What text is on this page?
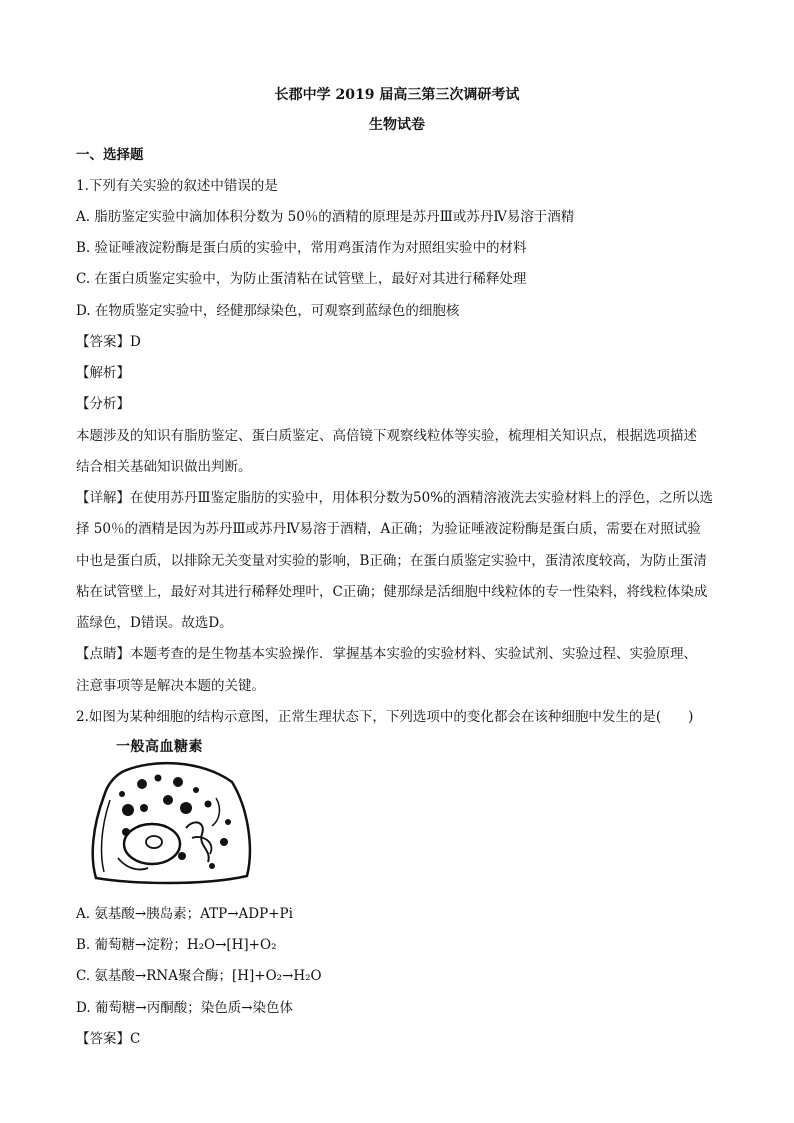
长郡中学 2019 届高三第三次调研考试
生物试卷
一、选择题
1.下列有关实验的叙述中错误的是
A. 脂肪鉴定实验中滴加体积分数为 50％的酒精的原理是苏丹Ⅲ或苏丹Ⅳ易溶于酒精
B. 验证唾液淀粉酶是蛋白质的实验中，常用鸡蛋清作为对照组实验中的材料
C. 在蛋白质鉴定实验中，为防止蛋清粘在试管壁上，最好对其进行稀释处理
D. 在物质鉴定实验中，经健那绿染色，可观察到蓝绿色的细胞核
【答案】D
【解析】
【分析】
本题涉及的知识有脂肪鉴定、蛋白质鉴定、高倍镜下观察线粒体等实验，梳理相关知识点，根据选项描述
结合相关基础知识做出判断。
【详解】在使用苏丹Ⅲ鉴定脂肪的实验中，用体积分数为50%的酒精溶液洗去实验材料上的浮色，之所以选
择 50％的酒精是因为苏丹Ⅲ或苏丹Ⅳ易溶于酒精，A正确；为验证唾液淀粉酶是蛋白质，需要在对照试验
中也是蛋白质，以排除无关变量对实验的影响，B正确；在蛋白质鉴定实验中，蛋清浓度较高，为防止蛋清
粘在试管壁上，最好对其进行稀释处理叶，C正确；健那绿是活细胞中线粒体的专一性染料，将线粒体染成
蓝绿色，D错误。故选D。
【点睛】本题考查的是生物基本实验操作．掌握基本实验的实验材料、实验试剂、实验过程、实验原理、
注意事项等是解决本题的关键。
2.如图为某种细胞的结构示意图，正常生理状态下，下列选项中的变化都会在该种细胞中发生的是(　　)
一般高血糖素
A. 氨基酸→胰岛素；ATP→ADP+Pi
B. 葡萄糖→淀粉；H₂O→[H]+O₂
C. 氨基酸→RNA聚合酶；[H]+O₂→H₂O
D. 葡萄糖→丙酮酸；染色质→染色体
【答案】C
